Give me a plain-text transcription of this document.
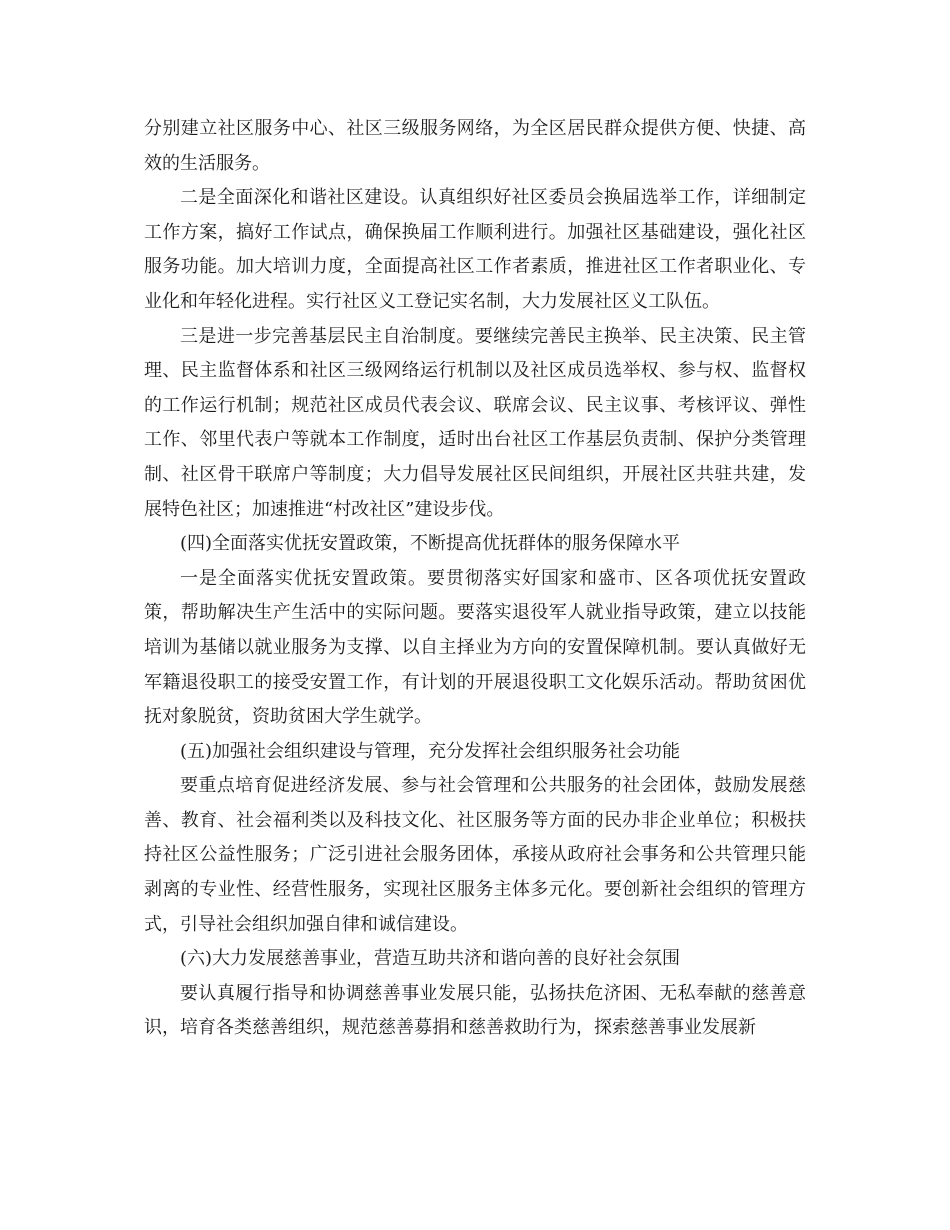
分别建立社区服务中心、社区三级服务网络，为全区居民群众提供方便、快捷、高效的生活服务。

二是全面深化和谐社区建设。认真组织好社区委员会换届选举工作，详细制定工作方案，搞好工作试点，确保换届工作顺利进行。加强社区基础建设，强化社区服务功能。加大培训力度，全面提高社区工作者素质，推进社区工作者职业化、专业化和年轻化进程。实行社区义工登记实名制，大力发展社区义工队伍。

三是进一步完善基层民主自治制度。要继续完善民主换举、民主决策、民主管理、民主监督体系和社区三级网络运行机制以及社区成员选举权、参与权、监督权的工作运行机制；规范社区成员代表会议、联席会议、民主议事、考核评议、弹性工作、邻里代表户等就本工作制度，适时出台社区工作基层负责制、保护分类管理制、社区骨干联席户等制度；大力倡导发展社区民间组织，开展社区共驻共建，发展特色社区；加速推进“村改社区”建设步伐。

(四)全面落实优抚安置政策，不断提高优抚群体的服务保障水平

一是全面落实优抚安置政策。要贯彻落实好国家和盛市、区各项优抚安置政策，帮助解决生产生活中的实际问题。要落实退役军人就业指导政策，建立以技能培训为基储以就业服务为支撑、以自主择业为方向的安置保障机制。要认真做好无军籍退役职工的接受安置工作，有计划的开展退役职工文化娱乐活动。帮助贫困优抚对象脱贫，资助贫困大学生就学。

(五)加强社会组织建设与管理，充分发挥社会组织服务社会功能

要重点培育促进经济发展、参与社会管理和公共服务的社会团体，鼓励发展慈善、教育、社会福利类以及科技文化、社区服务等方面的民办非企业单位；积极扶持社区公益性服务；广泛引进社会服务团体，承接从政府社会事务和公共管理只能剥离的专业性、经营性服务，实现社区服务主体多元化。要创新社会组织的管理方式，引导社会组织加强自律和诚信建设。

(六)大力发展慈善事业，营造互助共济和谐向善的良好社会氛围

要认真履行指导和协调慈善事业发展只能，弘扬扶危济困、无私奉献的慈善意识，培育各类慈善组织，规范慈善募捐和慈善救助行为，探索慈善事业发展新
